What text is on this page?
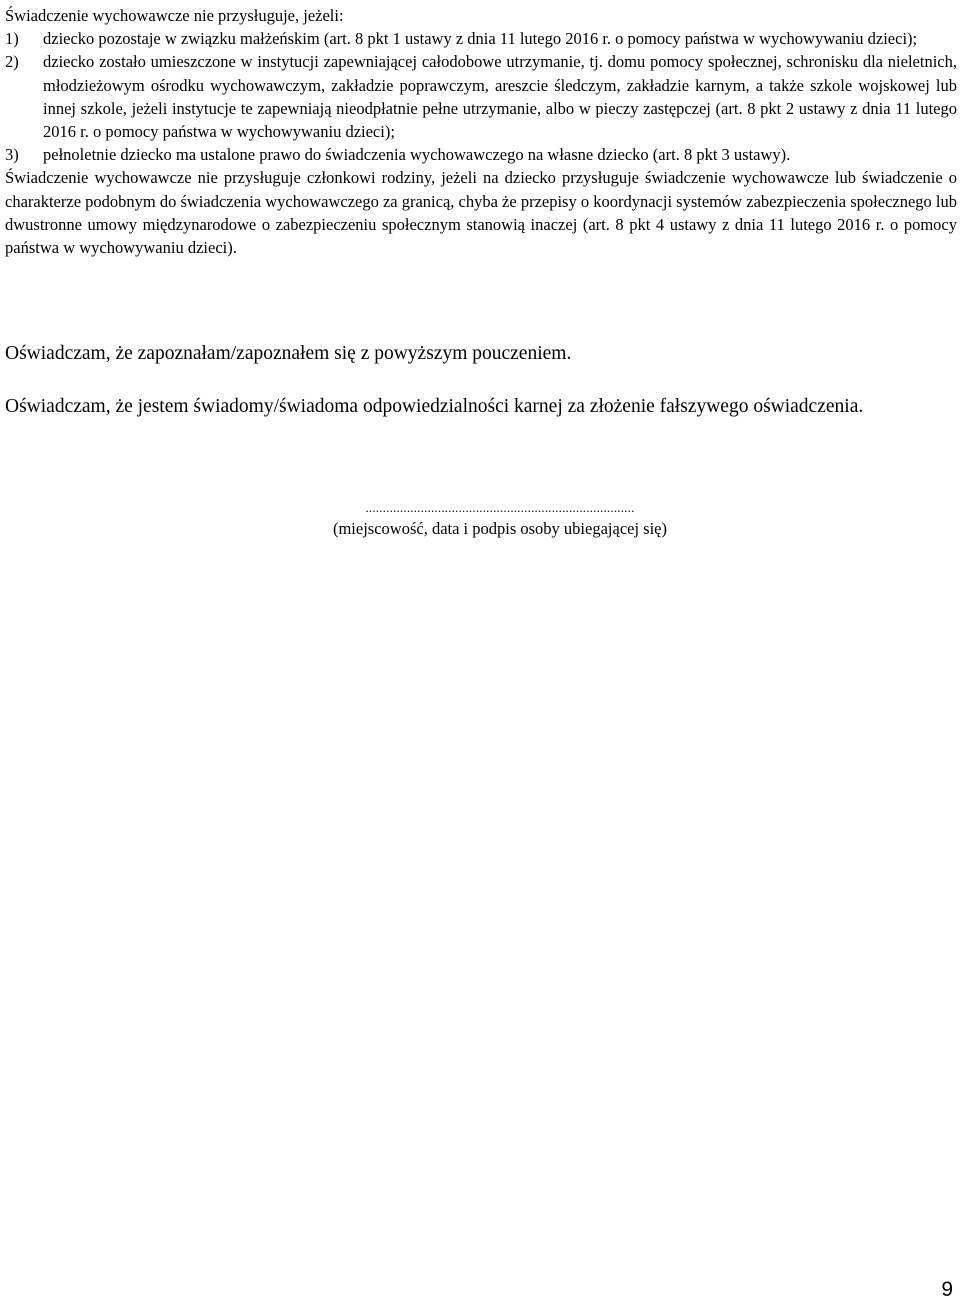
Świadczenie wychowawcze nie przysługuje, jeżeli:

1)	dziecko pozostaje w związku małżeńskim (art. 8 pkt 1 ustawy z dnia 11 lutego 2016 r. o pomocy państwa w wychowywaniu dzieci);
2)	dziecko zostało umieszczone w instytucji zapewniającej całodobowe utrzymanie, tj. domu pomocy społecznej, schronisku dla nieletnich, młodzieżowym ośrodku wychowawczym, zakładzie poprawczym, areszcie śledczym, zakładzie karnym, a także szkole wojskowej lub innej szkole, jeżeli instytucje te zapewniają nieodpłatnie pełne utrzymanie, albo w pieczy zastępczej (art. 8 pkt 2 ustawy z dnia 11 lutego 2016 r. o pomocy państwa w wychowywaniu dzieci);
3)	pełnoletnie dziecko ma ustalone prawo do świadczenia wychowawczego na własne dziecko (art. 8 pkt 3 ustawy).

Świadczenie wychowawcze nie przysługuje członkowi rodziny, jeżeli na dziecko przysługuje świadczenie wychowawcze lub świadczenie o charakterze podobnym do świadczenia wychowawczego za granicą, chyba że przepisy o koordynacji systemów zabezpieczenia społecznego lub dwustronne umowy międzynarodowe o zabezpieczeniu społecznym stanowią inaczej (art. 8 pkt 4 ustawy z dnia 11 lutego 2016 r. o pomocy państwa w wychowywaniu dzieci).

Oświadczam, że zapoznałam/zapoznałem się z powyższym pouczeniem.

Oświadczam, że jestem świadomy/świadoma odpowiedzialności karnej za złożenie fałszywego oświadczenia.

..............................................................................
(miejscowość, data i podpis osoby ubiegającej się)
9
